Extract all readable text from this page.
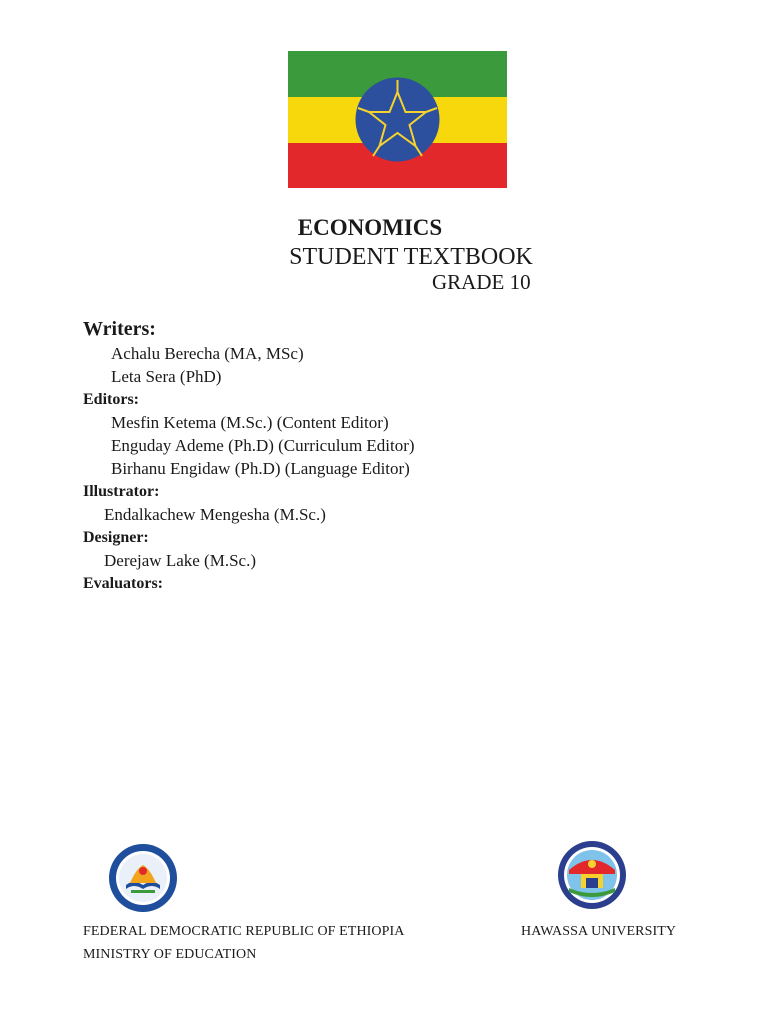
ECONOMICS
STUDENT TEXTBOOK
GRADE 10

Writers:

Achalu Berecha (MA, MSc)

Leta Sera (PhD)

Editors:

Mesfin Ketema (M.Sc.) (Content Editor)

Enguday Ademe (Ph.D) (Curriculum Editor)

Birhanu Engidaw (Ph.D) (Language Editor)

Illustrator:

Endalkachew Mengesha (M.Sc.)

Designer:

Derejaw Lake (M.Sc.)

Evaluators:

FEDERAL DEMOCRATIC REPUBLIC OF ETHIOPIA
MINISTRY OF EDUCATION
HAWASSA UNIVERSITY
